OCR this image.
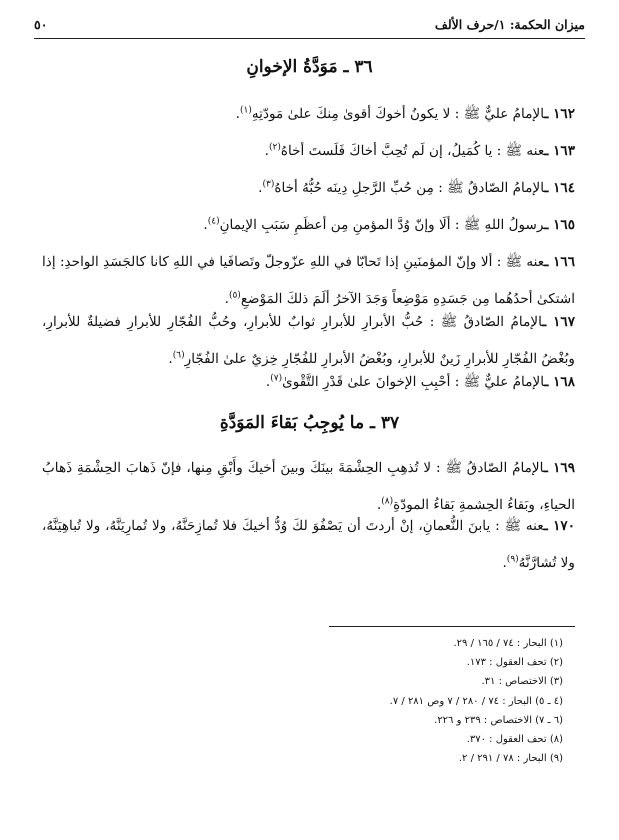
ميزان الحكمة: ١/حرف الألف
٥٠
٣٦ ـ مَوَدَّةُ الإخوانِ
١٦٢ ـالإمامُ عليٌّ ﷺ : لا يكونُ أخوكَ أقوىٰ مِنكَ علىٰ مَودّتِهِ$^{(١)}$.
١٦٣ ـعنه ﷺ : يا كُمَيلُ، إن لَم تُحِبَّ أخاكَ فَلَستَ أخاهُ$^{(٢)}$.
١٦٤ ـالإمامُ الصّادقُ ﷺ : مِن حُبِّ الرَّجلِ دِينَه حُبُّهُ أخاهُ$^{(٣)}$.
١٦٥ ـرسولُ اللهِ ﷺ : ألَا وإنّ وُدَّ المؤمنِ مِن أعظَمِ سَبَبِ الإيمانِ$^{(٤)}$.
١٦٦ ـعنه ﷺ : ألا وإنّ المؤمنَينِ إذا تَحابّا في اللهِ عزّوجلّ وتَصافَيا في اللهِ كانا كالجَسَدِ الواحدِ: إذا اشتكىٰ أحدُهُما مِن جَسَدِهِ مَوْضِعاً وَجَدَ الآخرُ ألَمَ ذلكَ المَوْضعِ$^{(٥)}$.
١٦٧ ـالإمامُ الصّادقُ ﷺ : حُبُّ الأبرارِ للأبرارِ ثوابٌ للأبرارِ، وحُبُّ الفُجّارِ للأبرارِ فضيلةٌ للأبرارِ، وبُغْضُ الفُجّارِ للأبرارِ زَينٌ للأبرارِ، وبُغْضُ الأبرارِ للفُجّارِ خِزيٌ علىٰ الفُجّارِ$^{(٦)}$.
١٦٨ ـالإمامُ عليٌّ ﷺ : أحْبِبِ الإخوانَ علىٰ قَدْرِ التَّقْوىٰ$^{(٧)}$.
٣٧ ـ ما يُوجِبُ بَقاءَ المَوَدَّةِ
١٦٩ ـالإمامُ الصّادقُ ﷺ : لا تُذهِبِ الحِشْمَةَ بينَكَ وبينَ أخيكَ وأَبْقِ مِنها، فإنّ ذَهابَ الحِشْمَةِ ذَهابُ الحياءِ، وبَقاءُ الحِشمةِ بَقاءُ المودّةِ$^{(٨)}$.
١٧٠ ـعنه ﷺ : يابنَ النُّعمانِ، إنْ أردتَ أن يَصْفُوَ لكَ وُدُّ أخيكَ فلا تُمازِحَنَّهُ، ولا تُمارِيَنَّهُ، ولا تُباهِيَنَّهُ، ولا تُشارَّنَّهُ$^{(٩)}$.
(١) البحار : ٧٤ / ١٦٥ / ٢٩.
(٢) تحف العقول : ١٧٣.
(٣) الاختصاص : ٣١.
(٤ ـ ٥) البحار : ٧٤ / ٢٨٠ / ٧ وص ٢٨١ / ٧.
(٦ ـ ٧) الاختصاص : ٢٣٩ و ٢٢٦.
(٨) تحف العقول : ٣٧٠.
(٩) البحار : ٧٨ / ٢٩١ / ٢.
